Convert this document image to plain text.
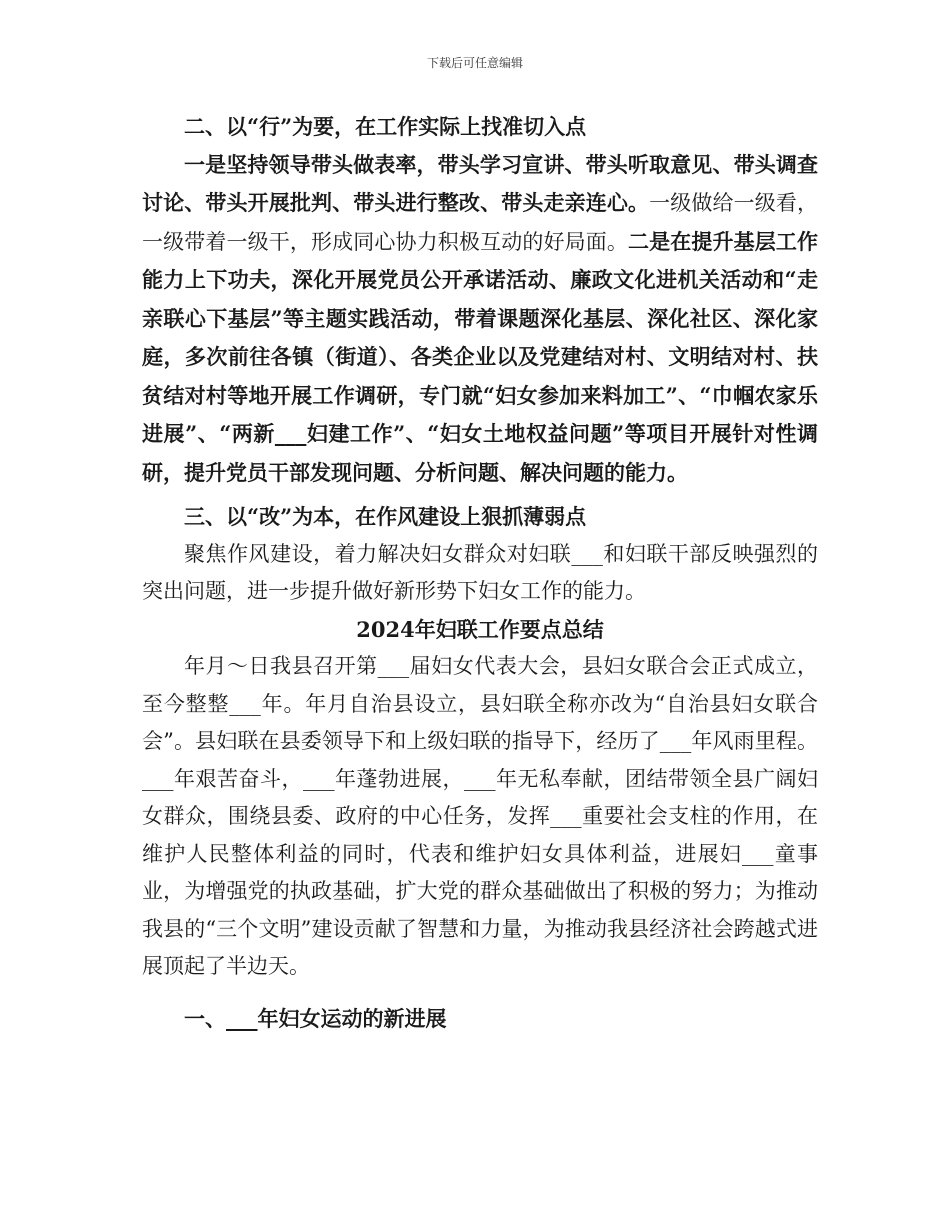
下载后可任意编辑

二、以“行”为要，在工作实际上找准切入点

一是坚持领导带头做表率，带头学习宣讲、带头听取意见、带头调查讨论、带头开展批判、带头进行整改、带头走亲连心。一级做给一级看，一级带着一级干，形成同心协力积极互动的好局面。二是在提升基层工作能力上下功夫，深化开展党员公开承诺活动、廉政文化进机关活动和“走亲联心下基层”等主题实践活动，带着课题深化基层、深化社区、深化家庭，多次前往各镇（街道）、各类企业以及党建结对村、文明结对村、扶贫结对村等地开展工作调研，专门就“妇女参加来料加工”、“巾帼农家乐进展”、“两新___妇建工作”、“妇女土地权益问题”等项目开展针对性调研，提升党员干部发现问题、分析问题、解决问题的能力。

三、以“改”为本，在作风建设上狠抓薄弱点

聚焦作风建设，着力解决妇女群众对妇联___和妇联干部反映强烈的突出问题，进一步提升做好新形势下妇女工作的能力。

2024年妇联工作要点总结

年月～日我县召开第___届妇女代表大会，县妇女联合会正式成立，至今整整___年。年月自治县设立，县妇联全称亦改为“自治县妇女联合会”。县妇联在县委领导下和上级妇联的指导下，经历了___年风雨里程。___年艰苦奋斗，___年蓬勃进展，___年无私奉献，团结带领全县广阔妇女群众，围绕县委、政府的中心任务，发挥___重要社会支柱的作用，在维护人民整体利益的同时，代表和维护妇女具体利益，进展妇___童事业，为增强党的执政基础，扩大党的群众基础做出了积极的努力；为推动我县的“三个文明”建设贡献了智慧和力量，为推动我县经济社会跨越式进展顶起了半边天。

一、___年妇女运动的新进展
